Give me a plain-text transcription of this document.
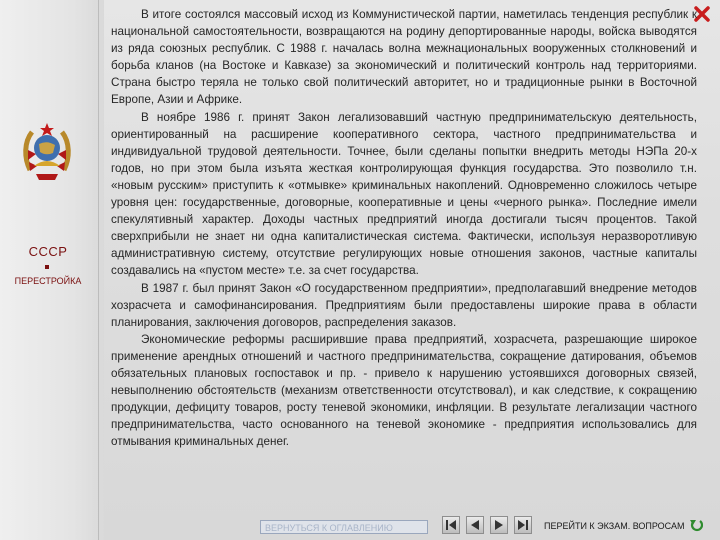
СССР
ПЕРЕСТРОЙКА

В итоге состоялся массовый исход из Коммунистической партии, наметилась тенденция республик к национальной самостоятельности, возвращаются на родину депортированные народы, войска выводятся из ряда союзных республик. С 1988 г. началась волна межнациональных вооруженных столкновений и борьба кланов (на Востоке и Кавказе) за экономический и политический контроль над территориями. Страна быстро теряла не только свой политический авторитет, но и традиционные рынки в Восточной Европе, Азии и Африке.

В ноябре 1986 г. принят Закон легализовавший частную предпринимательскую деятельность, ориентированный на расширение кооперативного сектора, частного предпринимательства и индивидуальной трудовой деятельности. Точнее, были сделаны попытки внедрить методы НЭПа 20-х годов, но при этом была изъята жесткая контролирующая функция государства. Это позволило т.н. «новым русским» приступить к «отмывке» криминальных накоплений. Одновременно сложилось четыре уровня цен: государственные, договорные, кооперативные и цены «черного рынка». Последние имели спекулятивный характер. Доходы частных предприятий иногда достигали тысяч процентов. Такой сверхприбыли не знает ни одна капиталистическая система. Фактически, используя неразворотливую административную систему, отсутствие регулирующих новые отношения законов, частные капиталы создавались на «пустом месте» т.е. за счет государства.

В 1987 г. был принят Закон «О государственном предприятии», предполагавший внедрение методов хозрасчета и самофинансирования. Предприятиям были предоставлены широкие права в области планирования, заключения договоров, распределения заказов.

Экономические реформы расширившие права предприятий, хозрасчета, разрешающие широкое применение арендных отношений и частного предпринимательства, сокращение датирования, объемов обязательных плановых госпоставок и пр. - привело к нарушению устоявшихся договорных связей, невыполнению обстоятельств (механизм ответственности отсутствовал), и как следствие, к сокращению продукции, дефициту товаров, росту теневой экономики, инфляции. В результате легализации частного предпринимательства, часто основанного на теневой экономике - предприятия использовались для отмывания криминальных денег.

ВЕРНУТЬСЯ К ОГЛАВЛЕНИЮ	ПЕРЕЙТИ К ЭКЗАМ. ВОПРОСАМ
